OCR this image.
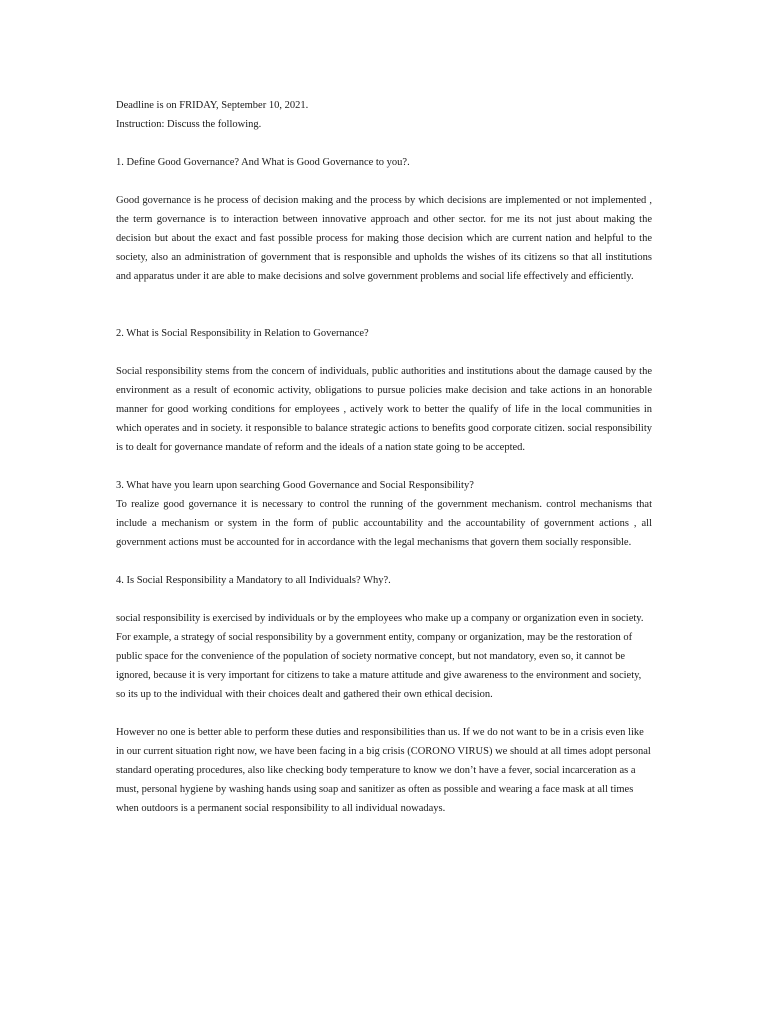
Deadline is on FRIDAY, September 10, 2021.

Instruction: Discuss the following.

1. Define Good Governance? And What is Good Governance to you?.

Good governance is he process of decision making and the process by which decisions are implemented or not implemented , the term governance is to interaction between innovative approach and other sector. for me its not just about making the decision but about the exact and fast possible process for making those decision which are current nation and helpful to the society, also an administration of government that is responsible and upholds the wishes of its citizens so that all institutions and apparatus under it are able to make decisions and solve government problems and social life effectively and efficiently.

2. What is Social Responsibility in Relation to Governance?

Social responsibility stems from the concern of individuals, public authorities and institutions about the damage caused by the environment as a result of economic activity, obligations to pursue policies make decision and take actions in an honorable manner for good working conditions for employees , actively work to better the qualify of life in the local communities in which operates and in society. it responsible to balance strategic actions to benefits good corporate citizen. social responsibility is to dealt for governance mandate of reform and the ideals of a nation state going to be accepted.

3. What have you learn upon searching Good Governance and Social Responsibility?

To realize good governance it is necessary to control the running of the government mechanism. control mechanisms that include a mechanism or system in the form of public accountability and the accountability of government actions , all government actions must be accounted for in accordance with the legal mechanisms that govern them socially responsible.

4. Is Social Responsibility a Mandatory to all Individuals? Why?.

social responsibility is exercised by individuals or by the employees who make up a company or organization even in society. For example, a strategy of social responsibility by a government entity, company or organization, may be the restoration of public space for the convenience of the population of society normative concept, but not mandatory, even so, it cannot be ignored, because it is very important for citizens to take a mature attitude and give awareness to the environment and society, so its up to the individual with their choices dealt and gathered their own ethical decision.

However no one is better able to perform these duties and responsibilities than us. If we do not want to be in a crisis even like in our current situation right now, we have been facing in a big crisis (CORONO VIRUS) we should at all times adopt personal standard operating procedures, also like checking body temperature to know we don’t have a fever, social incarceration as a must, personal hygiene by washing hands using soap and sanitizer as often as possible and wearing a face mask at all times when outdoors is a permanent social responsibility to all individual nowadays.
